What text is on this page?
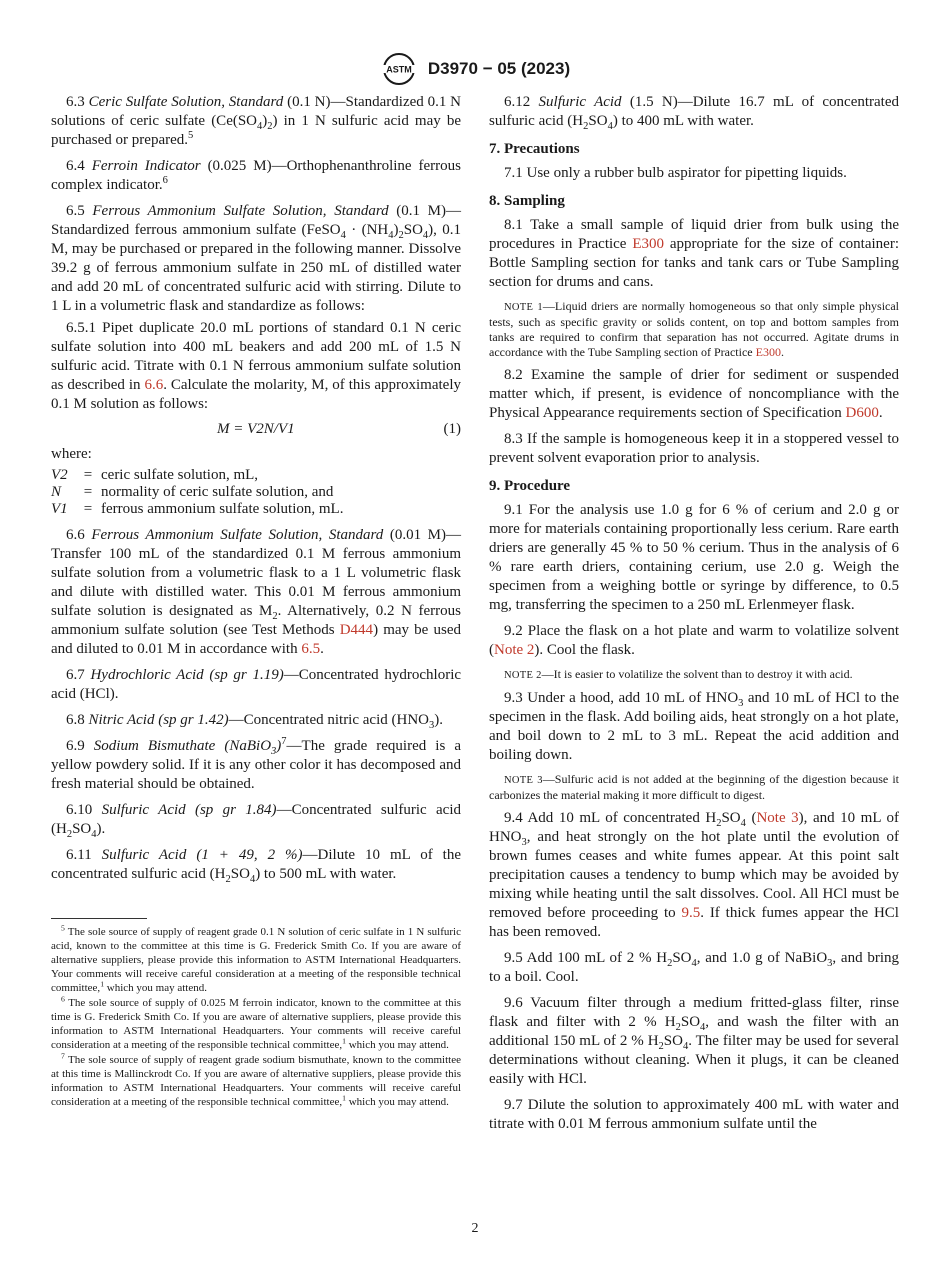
ASTM D3970 − 05 (2023)

6.3 Ceric Sulfate Solution, Standard (0.1 N)—Standardized 0.1 N solutions of ceric sulfate $(Ce(SO_4)_2)$ in 1 N sulfuric acid may be purchased or prepared.$^5$

6.4 Ferroin Indicator (0.025 M)—Orthophenanthroline ferrous complex indicator.$^6$

6.5 Ferrous Ammonium Sulfate Solution, Standard (0.1 M)—Standardized ferrous ammonium sulfate (FeSO$_4$ · $(NH_4)_2SO_4$), 0.1 M, may be purchased or prepared in the following manner. Dissolve 39.2 g of ferrous ammonium sulfate in 250 mL of distilled water and add 20 mL of concentrated sulfuric acid with stirring. Dilute to 1 L in a volumetric flask and standardize as follows:

6.5.1 Pipet duplicate 20.0 mL portions of standard 0.1 N ceric sulfate solution into 400 mL beakers and add 200 mL of 1.5 N sulfuric acid. Titrate with 0.1 N ferrous ammonium sulfate solution as described in 6.6. Calculate the molarity, M, of this approximately 0.1 M solution as follows:

M = V2N/V1	(1)
where:
V2	=	ceric sulfate solution, mL,
N	=	normality of ceric sulfate solution, and
V1	=	ferrous ammonium sulfate solution, mL.

6.6 Ferrous Ammonium Sulfate Solution, Standard (0.01 M)—Transfer 100 mL of the standardized 0.1 M ferrous ammonium sulfate solution from a volumetric flask to a 1 L volumetric flask and dilute with distilled water. This 0.01 M ferrous ammonium sulfate solution is designated as $M_2$. Alternatively, 0.2 N ferrous ammonium sulfate solution (see Test Methods D444) may be used and diluted to 0.01 M in accordance with 6.5.

6.7 Hydrochloric Acid (sp gr 1.19)—Concentrated hydrochloric acid (HCl).

6.8 Nitric Acid (sp gr 1.42)—Concentrated nitric acid $(HNO_3)$.

6.9 Sodium Bismuthate (NaBiO$_3$)$^7$—The grade required is a yellow powdery solid. If it is any other color it has decomposed and fresh material should be obtained.

6.10 Sulfuric Acid (sp gr 1.84)—Concentrated sulfuric acid $(H_2SO_4)$.

6.11 Sulfuric Acid (1 + 49, 2 %)—Dilute 10 mL of the concentrated sulfuric acid $(H_2SO_4)$ to 500 mL with water.

$^5$ The sole source of supply of reagent grade 0.1 N solution of ceric sulfate in 1 N sulfuric acid, known to the committee at this time is G. Frederick Smith Co. If you are aware of alternative suppliers, please provide this information to ASTM International Headquarters. Your comments will receive careful consideration at a meeting of the responsible technical committee,$^1$ which you may attend.
$^6$ The sole source of supply of 0.025 M ferroin indicator, known to the committee at this time is G. Frederick Smith Co. If you are aware of alternative suppliers, please provide this information to ASTM International Headquarters. Your comments will receive careful consideration at a meeting of the responsible technical committee,$^1$ which you may attend.
$^7$ The sole source of supply of reagent grade sodium bismuthate, known to the committee at this time is Mallinckrodt Co. If you are aware of alternative suppliers, please provide this information to ASTM International Headquarters. Your comments will receive careful consideration at a meeting of the responsible technical committee,$^1$ which you may attend.

6.12 Sulfuric Acid (1.5 N)—Dilute 16.7 mL of concentrated sulfuric acid $(H_2SO_4)$ to 400 mL with water.

7. Precautions

7.1 Use only a rubber bulb aspirator for pipetting liquids.

8. Sampling

8.1 Take a small sample of liquid drier from bulk using the procedures in Practice E300 appropriate for the size of container: Bottle Sampling section for tanks and tank cars or Tube Sampling section for drums and cans.

NOTE 1—Liquid driers are normally homogeneous so that only simple physical tests, such as specific gravity or solids content, on top and bottom samples from tanks are required to confirm that separation has not occurred. Agitate drums in accordance with the Tube Sampling section of Practice E300.

8.2 Examine the sample of drier for sediment or suspended matter which, if present, is evidence of noncompliance with the Physical Appearance requirements section of Specification D600.

8.3 If the sample is homogeneous keep it in a stoppered vessel to prevent solvent evaporation prior to analysis.

9. Procedure

9.1 For the analysis use 1.0 g for 6 % of cerium and 2.0 g or more for materials containing proportionally less cerium. Rare earth driers are generally 45 % to 50 % cerium. Thus in the analysis of 6 % rare earth driers, containing cerium, use 2.0 g. Weigh the specimen from a weighing bottle or syringe by difference, to 0.5 mg, transferring the specimen to a 250 mL Erlenmeyer flask.

9.2 Place the flask on a hot plate and warm to volatilize solvent (Note 2). Cool the flask.

NOTE 2—It is easier to volatilize the solvent than to destroy it with acid.

9.3 Under a hood, add 10 mL of $HNO_3$ and 10 mL of HCl to the specimen in the flask. Add boiling aids, heat strongly on a hot plate, and boil down to 2 mL to 3 mL. Repeat the acid addition and boiling down.

NOTE 3—Sulfuric acid is not added at the beginning of the digestion because it carbonizes the material making it more difficult to digest.

9.4 Add 10 mL of concentrated $H_2SO_4$ (Note 3), and 10 mL of $HNO_3$, and heat strongly on the hot plate until the evolution of brown fumes ceases and white fumes appear. At this point salt precipitation causes a tendency to bump which may be avoided by mixing while heating until the salt dissolves. Cool. All HCl must be removed before proceeding to 9.5. If thick fumes appear the HCl has been removed.

9.5 Add 100 mL of 2 % $H_2SO_4$, and 1.0 g of NaBiO$_3$, and bring to a boil. Cool.

9.6 Vacuum filter through a medium fritted-glass filter, rinse flask and filter with 2 % $H_2SO_4$, and wash the filter with an additional 150 mL of 2 % $H_2SO_4$. The filter may be used for several determinations without cleaning. When it plugs, it can be cleaned easily with HCl.

9.7 Dilute the solution to approximately 400 mL with water and titrate with 0.01 M ferrous ammonium sulfate until the

2
